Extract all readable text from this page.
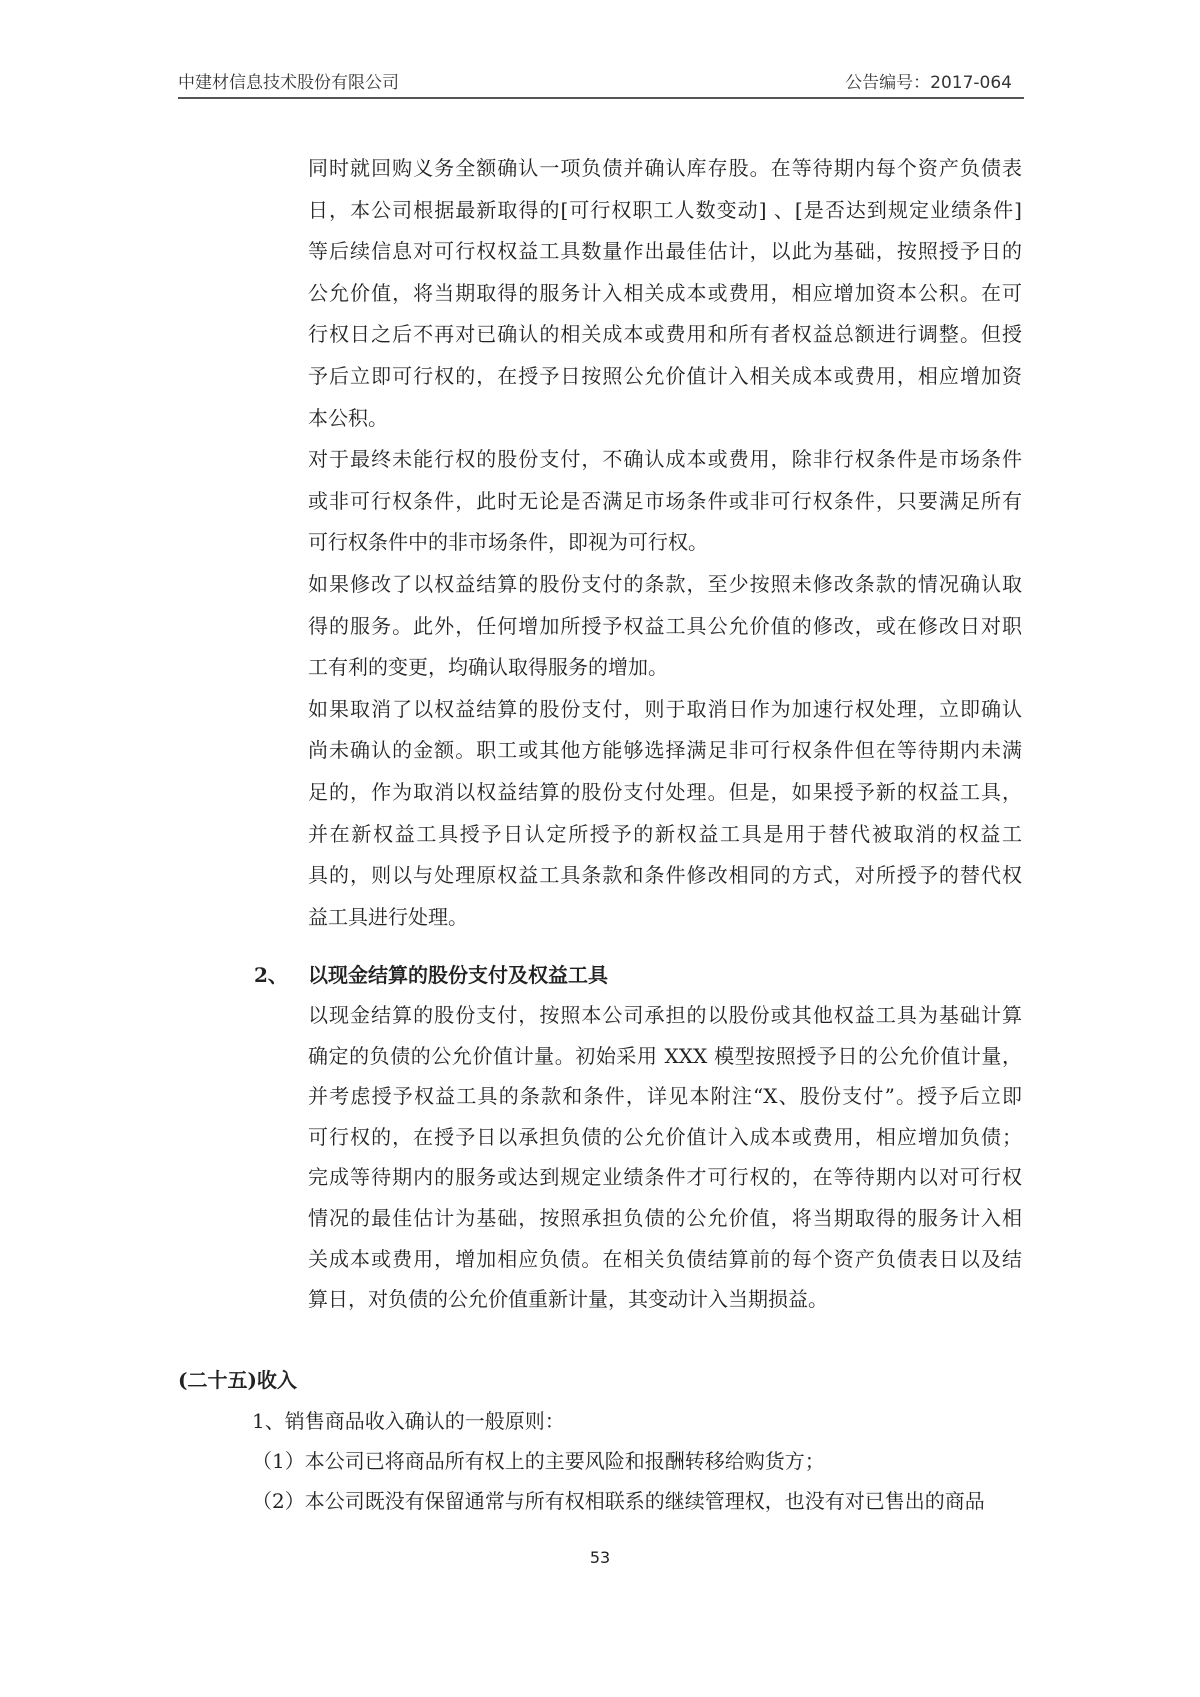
中建材信息技术股份有限公司	公告编号：2017-064
同时就回购义务全额确认一项负债并确认库存股。在等待期内每个资产负债表
日，本公司根据最新取得的[可行权职工人数变动] 、[是否达到规定业绩条件]
等后续信息对可行权权益工具数量作出最佳估计，以此为基础，按照授予日的
公允价值，将当期取得的服务计入相关成本或费用，相应增加资本公积。在可
行权日之后不再对已确认的相关成本或费用和所有者权益总额进行调整。但授
予后立即可行权的，在授予日按照公允价值计入相关成本或费用，相应增加资
本公积。
对于最终未能行权的股份支付，不确认成本或费用，除非行权条件是市场条件
或非可行权条件，此时无论是否满足市场条件或非可行权条件，只要满足所有
可行权条件中的非市场条件，即视为可行权。
如果修改了以权益结算的股份支付的条款，至少按照未修改条款的情况确认取
得的服务。此外，任何增加所授予权益工具公允价值的修改，或在修改日对职
工有利的变更，均确认取得服务的增加。
如果取消了以权益结算的股份支付，则于取消日作为加速行权处理，立即确认
尚未确认的金额。职工或其他方能够选择满足非可行权条件但在等待期内未满
足的，作为取消以权益结算的股份支付处理。但是，如果授予新的权益工具，
并在新权益工具授予日认定所授予的新权益工具是用于替代被取消的权益工
具的，则以与处理原权益工具条款和条件修改相同的方式，对所授予的替代权
益工具进行处理。
2、 以现金结算的股份支付及权益工具
以现金结算的股份支付，按照本公司承担的以股份或其他权益工具为基础计算
确定的负债的公允价值计量。初始采用 XXX 模型按照授予日的公允价值计量，
并考虑授予权益工具的条款和条件，详见本附注“X、股份支付”。授予后立即
可行权的，在授予日以承担负债的公允价值计入成本或费用，相应增加负债；
完成等待期内的服务或达到规定业绩条件才可行权的，在等待期内以对可行权
情况的最佳估计为基础，按照承担负债的公允价值，将当期取得的服务计入相
关成本或费用，增加相应负债。在相关负债结算前的每个资产负债表日以及结
算日，对负债的公允价值重新计量，其变动计入当期损益。
(二十五)收入
1、销售商品收入确认的一般原则：
（1）本公司已将商品所有权上的主要风险和报酬转移给购货方；
（2）本公司既没有保留通常与所有权相联系的继续管理权，也没有对已售出的商品
53
